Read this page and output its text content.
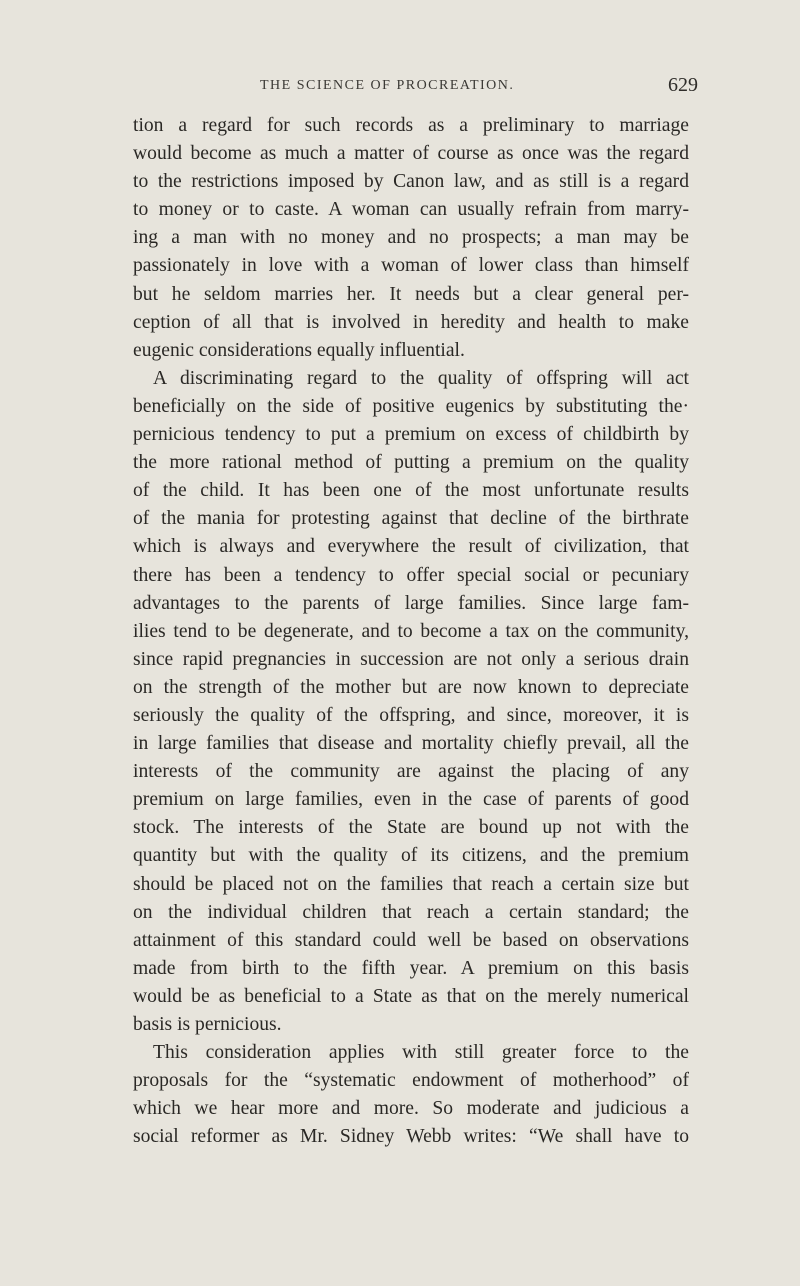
THE SCIENCE OF PROCREATION.	629
tion a regard for such records as a preliminary to marriage
would become as much a matter of course as once was the regard
to the restrictions imposed by Canon law, and as still is a regard
to money or to caste. A woman can usually refrain from marry-
ing a man with no money and no prospects; a man may be
passionately in love with a woman of lower class than himself
but he seldom marries her. It needs but a clear general per-
ception of all that is involved in heredity and health to make
eugenic considerations equally influential.
A discriminating regard to the quality of offspring will act
beneficially on the side of positive eugenics by substituting the·
pernicious tendency to put a premium on excess of childbirth by
the more rational method of putting a premium on the quality
of the child. It has been one of the most unfortunate results
of the mania for protesting against that decline of the birthrate
which is always and everywhere the result of civilization, that
there has been a tendency to offer special social or pecuniary
advantages to the parents of large families. Since large fam-
ilies tend to be degenerate, and to become a tax on the community,
since rapid pregnancies in succession are not only a serious drain
on the strength of the mother but are now known to depreciate
seriously the quality of the offspring, and since, moreover, it is
in large families that disease and mortality chiefly prevail, all the
interests of the community are against the placing of any
premium on large families, even in the case of parents of good
stock. The interests of the State are bound up not with the
quantity but with the quality of its citizens, and the premium
should be placed not on the families that reach a certain size but
on the individual children that reach a certain standard; the
attainment of this standard could well be based on observations
made from birth to the fifth year. A premium on this basis
would be as beneficial to a State as that on the merely numerical
basis is pernicious.
This consideration applies with still greater force to the
proposals for the “systematic endowment of motherhood” of
which we hear more and more. So moderate and judicious a
social reformer as Mr. Sidney Webb writes: “We shall have to
